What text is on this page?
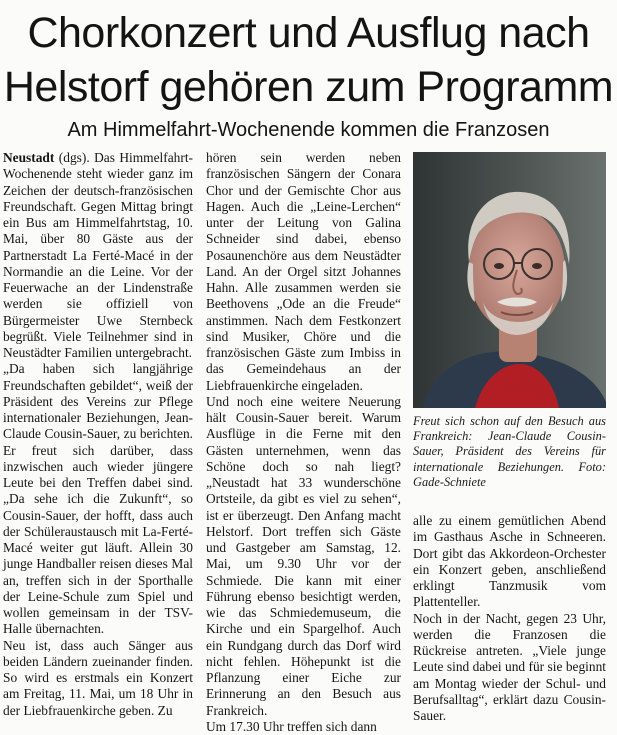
Chorkonzert und Ausflug nach
Helstorf gehören zum Programm
Am Himmelfahrt-Wochenende kommen die Franzosen

Neustadt (dgs). Das Himmelfahrt-Wochenende steht wieder ganz im Zeichen der deutsch-französischen Freundschaft. Gegen Mittag bringt ein Bus am Himmelfahrtstag, 10. Mai, über 80 Gäste aus der Partnerstadt La Ferté-Macé in der Normandie an die Leine. Vor der Feuerwache an der Lindenstraße werden sie offiziell von Bürgermeister Uwe Sternbeck begrüßt. Viele Teilnehmer sind in Neustädter Familien untergebracht.

„Da haben sich langjährige Freundschaften gebildet“, weiß der Präsident des Vereins zur Pflege internationaler Beziehungen, Jean-Claude Cousin-Sauer, zu berichten. Er freut sich darüber, dass inzwischen auch wieder jüngere Leute bei den Treffen dabei sind. „Da sehe ich die Zukunft“, so Cousin-Sauer, der hofft, dass auch der Schüleraustausch mit La-Ferté-Macé weiter gut läuft. Allein 30 junge Handballer reisen dieses Mal an, treffen sich in der Sporthalle der Leine-Schule zum Spiel und wollen gemeinsam in der TSV-Halle übernachten.

Neu ist, dass auch Sänger aus beiden Ländern zueinander finden. So wird es erstmals ein Konzert am Freitag, 11. Mai, um 18 Uhr in der Liebfrauenkirche geben. Zu

hören sein werden neben französischen Sängern der Conara Chor und der Gemischte Chor aus Hagen. Auch die „Leine-Lerchen“ unter der Leitung von Galina Schneider sind dabei, ebenso Posaunenchöre aus dem Neustädter Land. An der Orgel sitzt Johannes Hahn. Alle zusammen werden sie Beethovens „Ode an die Freude“ anstimmen. Nach dem Festkonzert sind Musiker, Chöre und die französischen Gäste zum Imbiss in das Gemeindehaus an der Liebfrauenkirche eingeladen.

Und noch eine weitere Neuerung hält Cousin-Sauer bereit. Warum Ausflüge in die Ferne mit den Gästen unternehmen, wenn das Schöne doch so nah liegt? „Neustadt hat 33 wunderschöne Ortsteile, da gibt es viel zu sehen“, ist er überzeugt. Den Anfang macht Helstorf. Dort treffen sich Gäste und Gastgeber am Samstag, 12. Mai, um 9.30 Uhr vor der Schmiede. Die kann mit einer Führung ebenso besichtigt werden, wie das Schmiedemuseum, die Kirche und ein Spargelhof. Auch ein Rundgang durch das Dorf wird nicht fehlen. Höhepunkt ist die Pflanzung einer Eiche zur Erinnerung an den Besuch aus Frankreich.

Um 17.30 Uhr treffen sich dann

Freut sich schon auf den Besuch aus Frankreich: Jean-Claude Cousin-Sauer, Präsident des Vereins für internationale Beziehungen. Foto: Gade-Schniete

alle zu einem gemütlichen Abend im Gasthaus Asche in Schneeren. Dort gibt das Akkordeon-Orchester ein Konzert geben, anschließend erklingt Tanzmusik vom Plattenteller.

Noch in der Nacht, gegen 23 Uhr, werden die Franzosen die Rückreise antreten. „Viele junge Leute sind dabei und für sie beginnt am Montag wieder der Schul- und Berufsalltag“, erklärt dazu Cousin-Sauer.
